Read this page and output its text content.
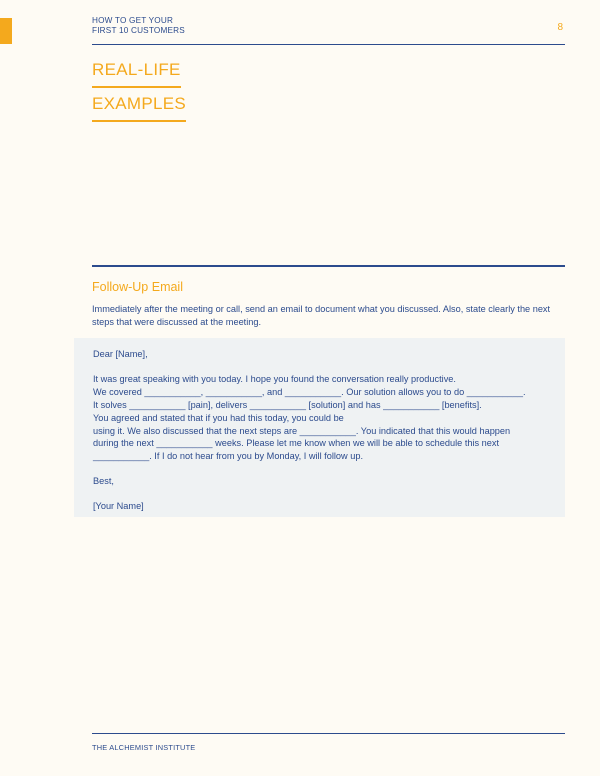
HOW TO GET YOUR
FIRST 10 CUSTOMERS	8
REAL-LIFE
EXAMPLES
Follow-Up Email
Immediately after the meeting or call, send an email to document what you discussed. Also, state clearly the next steps that were discussed at the meeting.
Dear [Name],
It was great speaking with you today. I hope you found the conversation really productive.
We covered ___________, ___________, and ___________. Our solution allows you to do ___________.
It solves ___________ [pain], delivers ___________ [solution] and has ___________ [benefits].
You agreed and stated that if you had this today, you could be
using it. We also discussed that the next steps are ___________. You indicated that this would happen
during the next ___________ weeks. Please let me know when we will be able to schedule this next
___________. If I do not hear from you by Monday, I will follow up.
Best,
[Your Name]
THE ALCHEMIST INSTITUTE
